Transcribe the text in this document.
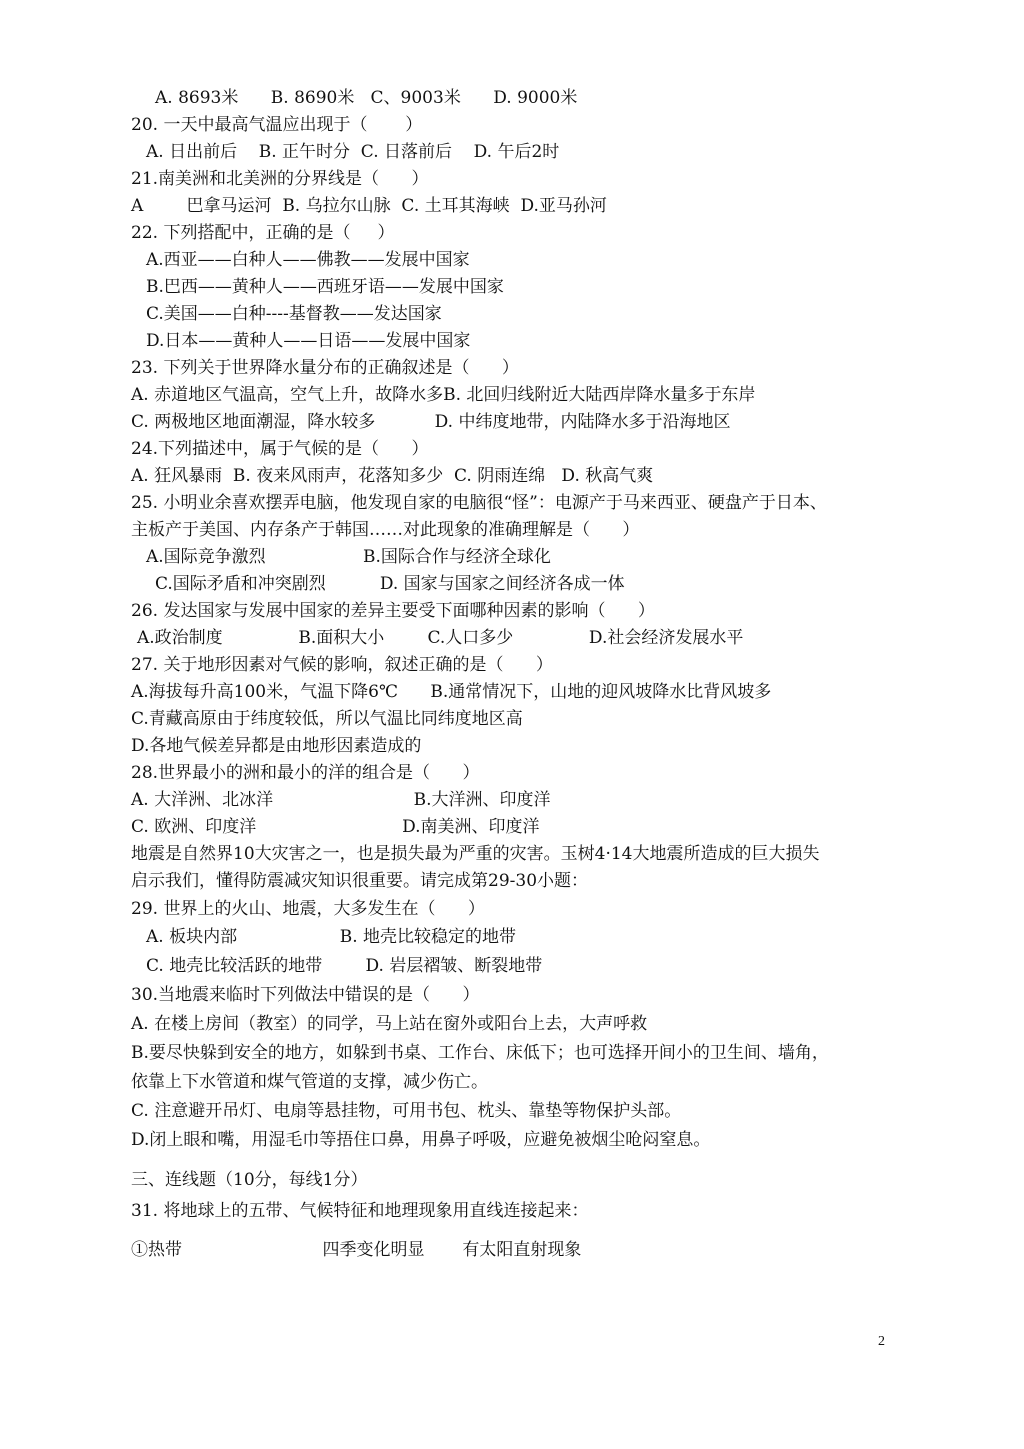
A. 8693米      B. 8690米   C、9003米      D. 9000米
20. 一天中最高气温应出现于（       ）
A. 日出前后    B. 正午时分  C. 日落前后    D. 午后2时
21.南美洲和北美洲的分界线是（      ）
A        巴拿马运河  B. 乌拉尔山脉  C. 土耳其海峡  D.亚马孙河
22. 下列搭配中，正确的是（     ）
A.西亚——白种人——佛教——发展中国家
B.巴西——黄种人——西班牙语——发展中国家
C.美国——白种----基督教——发达国家
D.日本——黄种人——日语——发展中国家
23. 下列关于世界降水量分布的正确叙述是（      ）
A. 赤道地区气温高，空气上升，故降水多B. 北回归线附近大陆西岸降水量多于东岸
C. 两极地区地面潮湿，降水较多           D. 中纬度地带，内陆降水多于沿海地区
24.下列描述中，属于气候的是（      ）
A. 狂风暴雨  B. 夜来风雨声，花落知多少  C. 阴雨连绵   D. 秋高气爽
25. 小明业余喜欢摆弄电脑，他发现自家的电脑很“怪”：电源产于马来西亚、硬盘产于日本、
主板产于美国、内存条产于韩国……对此现象的准确理解是（      ）
A.国际竞争激烈                  B.国际合作与经济全球化
C.国际矛盾和冲突剧烈          D. 国家与国家之间经济各成一体
26. 发达国家与发展中国家的差异主要受下面哪种因素的影响（      ）
A.政治制度              B.面积大小        C.人口多少              D.社会经济发展水平
27. 关于地形因素对气候的影响，叙述正确的是（      ）
A.海拔每升高100米，气温下降6℃      B.通常情况下，山地的迎风坡降水比背风坡多
C.青藏高原由于纬度较低，所以气温比同纬度地区高
D.各地气候差异都是由地形因素造成的
28.世界最小的洲和最小的洋的组合是（      ）
A. 大洋洲、北冰洋                          B.大洋洲、印度洋
C. 欧洲、印度洋                           D.南美洲、印度洋
地震是自然界10大灾害之一，也是损失最为严重的灾害。玉树4·14大地震所造成的巨大损失
启示我们，懂得防震减灾知识很重要。请完成第29-30小题：
29. 世界上的火山、地震，大多发生在（      ）
A. 板块内部                   B. 地壳比较稳定的地带
C. 地壳比较活跃的地带        D. 岩层褶皱、断裂地带
30.当地震来临时下列做法中错误的是（      ）
A. 在楼上房间（教室）的同学，马上站在窗外或阳台上去，大声呼救
B.要尽快躲到安全的地方，如躲到书桌、工作台、床低下；也可选择开间小的卫生间、墙角，
依靠上下水管道和煤气管道的支撑，减少伤亡。
C. 注意避开吊灯、电扇等悬挂物，可用书包、枕头、靠垫等物保护头部。
D.闭上眼和嘴，用湿毛巾等捂住口鼻，用鼻子呼吸，应避免被烟尘呛闷窒息。
三、连线题（10分，每线1分）
31. 将地球上的五带、气候特征和地理现象用直线连接起来：
①热带                          四季变化明显       有太阳直射现象
2
